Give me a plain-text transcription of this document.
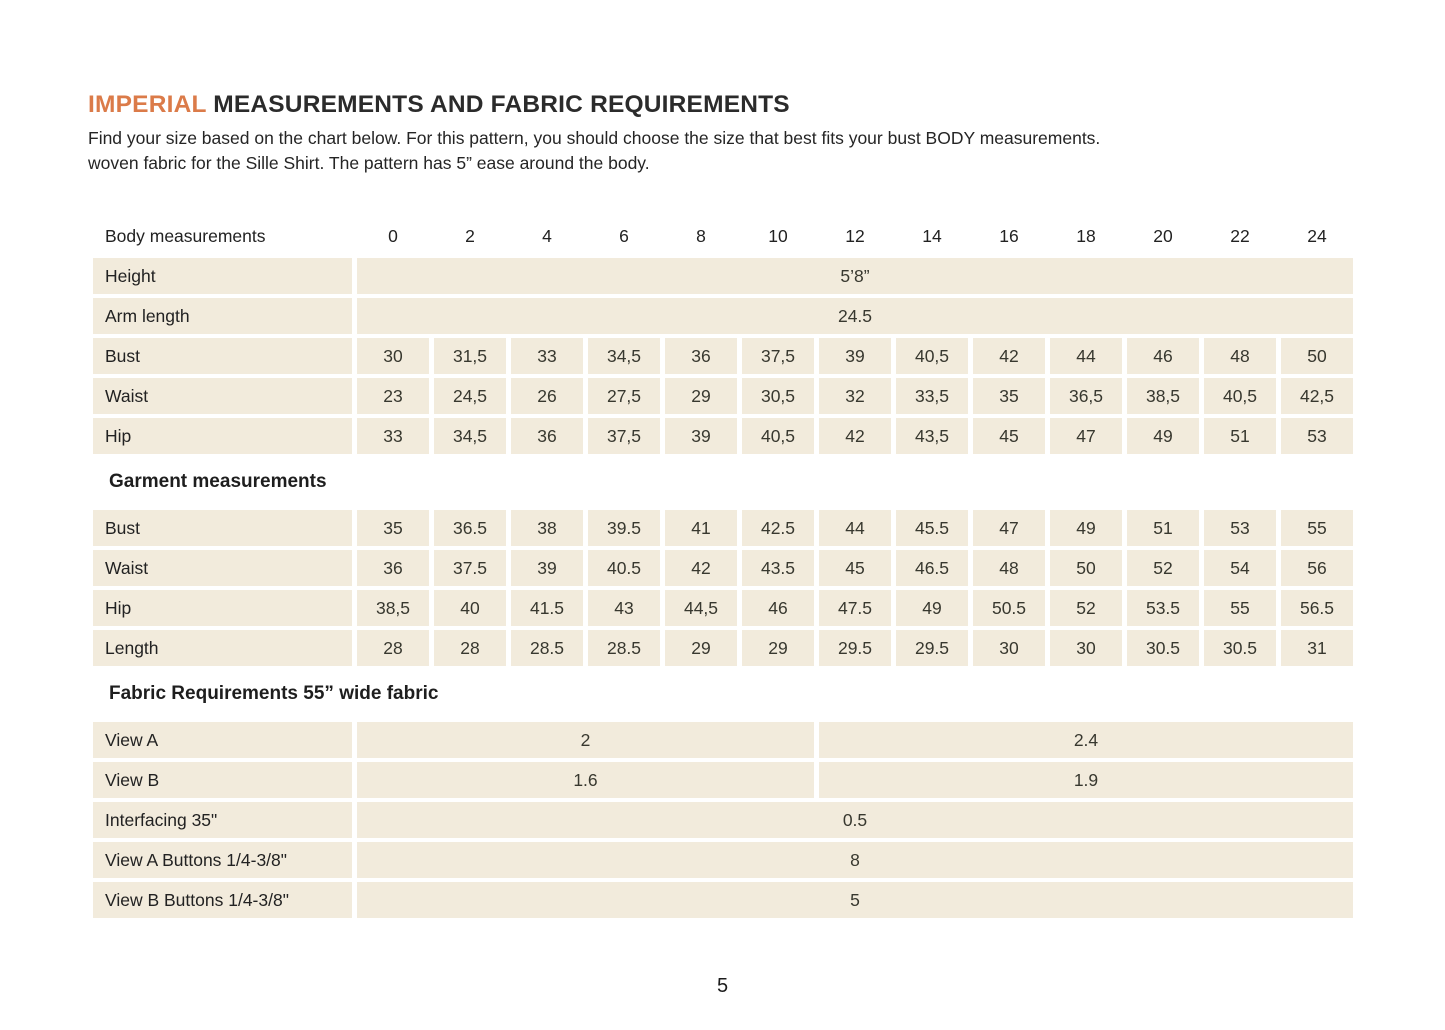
IMPERIAL MEASUREMENTS AND FABRIC REQUIREMENTS
Find your size based on the chart below. For this pattern, you should choose the size that best fits your bust BODY measurements.
woven fabric for the Sille Shirt. The pattern has 5” ease around the body.
Body measurements	0	2	4	6	8	10	12	14	16	18	20	22	24
Height	5’8”
Arm length	24.5
Bust	30	31,5	33	34,5	36	37,5	39	40,5	42	44	46	48	50
Waist	23	24,5	26	27,5	29	30,5	32	33,5	35	36,5	38,5	40,5	42,5
Hip	33	34,5	36	37,5	39	40,5	42	43,5	45	47	49	51	53
Garment measurements
Bust	35	36.5	38	39.5	41	42.5	44	45.5	47	49	51	53	55
Waist	36	37.5	39	40.5	42	43.5	45	46.5	48	50	52	54	56
Hip	38,5	40	41.5	43	44,5	46	47.5	49	50.5	52	53.5	55	56.5
Length	28	28	28.5	28.5	29	29	29.5	29.5	30	30	30.5	30.5	31
Fabric Requirements 55” wide fabric
View A	2	2.4
View B	1.6	1.9
Interfacing 35"	0.5
View A Buttons 1/4-3/8"	8
View B Buttons 1/4-3/8"	5
5
